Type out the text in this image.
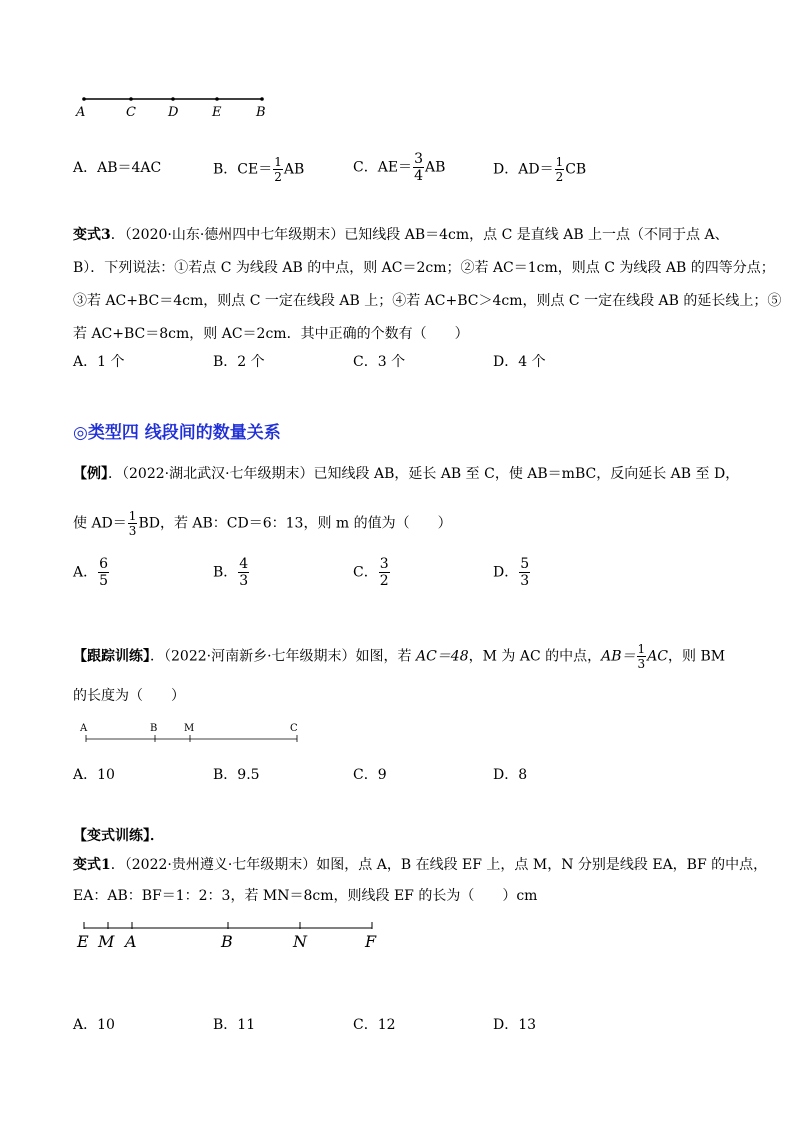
A	C D	E	B
A．AB＝4AC	B．$CE= \frac{1}{2}$ AB	C．$AE= \frac{3}{4}$ AB	D．$AD= \frac{1}{2}$ CB
变式3．（2020·山东·德州四中七年级期末）已知线段 AB＝4cm，点 C 是直线 AB 上一点（不同于点 A、
B）．下列说法：①若点 C 为线段 AB 的中点，则 AC＝2cm；②若 AC＝1cm，则点 C 为线段 AB 的四等分点；
③若 AC+BC＝4cm，则点 C 一定在线段 AB 上；④若 AC+BC＞4cm，则点 C 一定在线段 AB 的延长线上；⑤
若 AC+BC＝8cm，则 AC＝2cm．其中正确的个数有（　　）
A．1 个	B．2 个	C．3 个	D．4 个
◎类型四 线段间的数量关系
【例】．（2022·湖北武汉·七年级期末）已知线段 AB，延长 AB 至 C，使 AB＝mBC，反向延长 AB 至 D，
使 $AD= \frac{1}{3}$ BD，若 AB：CD＝6：13，则 m 的值为（　　）
A． $\frac{6}{5}$	B． $\frac{4}{3}$	C． $\frac{3}{2}$	D． $\frac{5}{3}$
【跟踪训练】．（2022·河南新乡·七年级期末）如图，若 AC＝48，M 为 AC 的中点，$AB= \frac{1}{3}$ AC，则 BM
的长度为（　　）
A	B	M	C
A．10	B．9.5	C．9	D．8
【变式训练】．
变式1．（2022·贵州遵义·七年级期末）如图，点 A，B 在线段 EF 上，点 M，N 分别是线段 EA，BF 的中点，
EA：AB：BF＝1：2：3，若 MN＝8cm，则线段 EF 的长为（　　）cm
E M A	B	N	F
A．10	B．11	C．12	D．13
